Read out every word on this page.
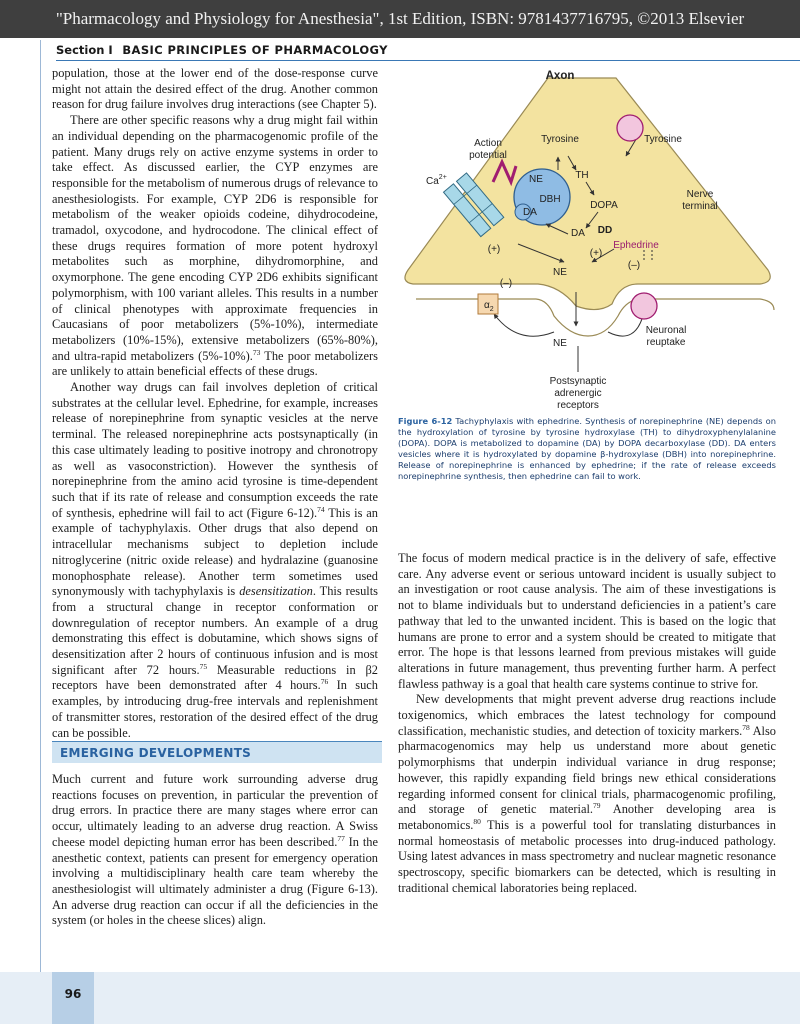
"Pharmacology and Physiology for Anesthesia", 1st Edition, ISBN: 9781437716795, ©2013 Elsevier
Section I BASIC PRINCIPLES OF PHARMACOLOGY

population, those at the lower end of the dose-response curve might not attain the desired effect of the drug. Another common reason for drug failure involves drug interactions (see Chapter 5).

There are other specific reasons why a drug might fail within an individual depending on the pharmacogenomic profile of the patient. Many drugs rely on active enzyme systems in order to take effect. As discussed earlier, the CYP enzymes are responsible for the metabolism of numerous drugs of relevance to anesthesiologists. For example, CYP 2D6 is responsible for metabolism of the weaker opioids codeine, dihydrocodeine, tramadol, oxycodone, and hydrocodone. The clinical effect of these drugs requires formation of more potent hydroxyl metabolites such as morphine, dihydromorphine, and oxymorphone. The gene encoding CYP 2D6 exhibits significant polymorphism, with 100 variant alleles. This results in a number of clinical phenotypes with approximate frequencies in Caucasians of poor metabolizers (5%-10%), intermediate metabolizers (10%-15%), extensive metabolizers (65%-80%), and ultra-rapid metabolizers (5%-10%).$^{73}$ The poor metabolizers are unlikely to attain beneficial effects of these drugs.

Another way drugs can fail involves depletion of critical substrates at the cellular level. Ephedrine, for example, increases release of norepinephrine from synaptic vesicles at the nerve terminal. The released norepinephrine acts postsynaptically (in this case ultimately leading to positive inotropy and chronotropy as well as vasoconstriction). However the synthesis of norepinephrine from the amino acid tyrosine is time-dependent such that if its rate of release and consumption exceeds the rate of synthesis, ephedrine will fail to act (Figure 6-12).$^{74}$ This is an example of tachyphylaxis. Other drugs that also depend on intracellular mechanisms subject to depletion include nitroglycerine (nitric oxide release) and hydralazine (guanosine monophosphate release). Another term sometimes used synonymously with tachyphylaxis is desensitization. This results from a structural change in receptor conformation or downregulation of receptor numbers. An example of a drug demonstrating this effect is dobutamine, which shows signs of desensitization after 2 hours of continuous infusion and is most significant after 72 hours.$^{75}$ Measurable reductions in β2 receptors have been demonstrated after 4 hours.$^{76}$ In such examples, by introducing drug-free intervals and replenishment of transmitter stores, restoration of the desired effect of the drug can be possible.

EMERGING DEVELOPMENTS

Much current and future work surrounding adverse drug reactions focuses on prevention, in particular the prevention of drug errors. In practice there are many stages where error can occur, ultimately leading to an adverse drug reaction. A Swiss cheese model depicting human error has been described.$^{77}$ In the anesthetic context, patients can present for emergency operation involving a multidisciplinary health care team whereby the anesthesiologist will ultimately administer a drug (Figure 6-13). An adverse drug reaction can occur if all the deficiencies in the system (or holes in the cheese slices) align.

Axon
Action
potential
Tyrosine	Tyrosine
$Ca^{2+}$	NE
DBH
DA
TH
DOPA
DA DD
Nerve
terminal
(+)	(+)
Ephedrine
(–)
NE
(–)
$\alpha_2$
Neuronal
reuptake
NE
Postsynaptic
adrenergic
receptors
Figure 6-12 Tachyphylaxis with ephedrine. Synthesis of norepinephrine (NE) depends on the hydroxylation of tyrosine by tyrosine hydroxylase (TH) to dihydroxyphenylalanine (DOPA). DOPA is metabolized to dopamine (DA) by DOPA decarboxylase (DD). DA enters vesicles where it is hydroxylated by dopamine β-hydroxylase (DBH) into norepinephrine. Release of norepinephrine is enhanced by ephedrine; if the rate of release exceeds norepinephrine synthesis, then ephedrine can fail to work.

The focus of modern medical practice is in the delivery of safe, effective care. Any adverse event or serious untoward incident is usually subject to an investigation or root cause analysis. The aim of these investigations is not to blame individuals but to understand deficiencies in a patient’s care pathway that led to the unwanted incident. This is based on the logic that humans are prone to error and a system should be created to mitigate that error. The hope is that lessons learned from previous mistakes will guide alterations in future management, thus preventing further harm. A perfect flawless pathway is a goal that health care systems continue to strive for.

New developments that might prevent adverse drug reactions include toxigenomics, which embraces the latest technology for compound classification, mechanistic studies, and detection of toxicity markers.$^{78}$ Also pharmacogenomics may help us understand more about genetic polymorphisms that underpin individual variance in drug response; however, this rapidly expanding field brings new ethical considerations regarding informed consent for clinical trials, pharmacogenomic profiling, and storage of genetic material.$^{79}$ Another developing area is metabonomics.$^{80}$ This is a powerful tool for translating disturbances in normal homeostasis of metabolic processes into drug-induced pathology. Using latest advances in mass spectrometry and nuclear magnetic resonance spectroscopy, specific biomarkers can be detected, which is resulting in traditional chemical laboratories being replaced.

96
